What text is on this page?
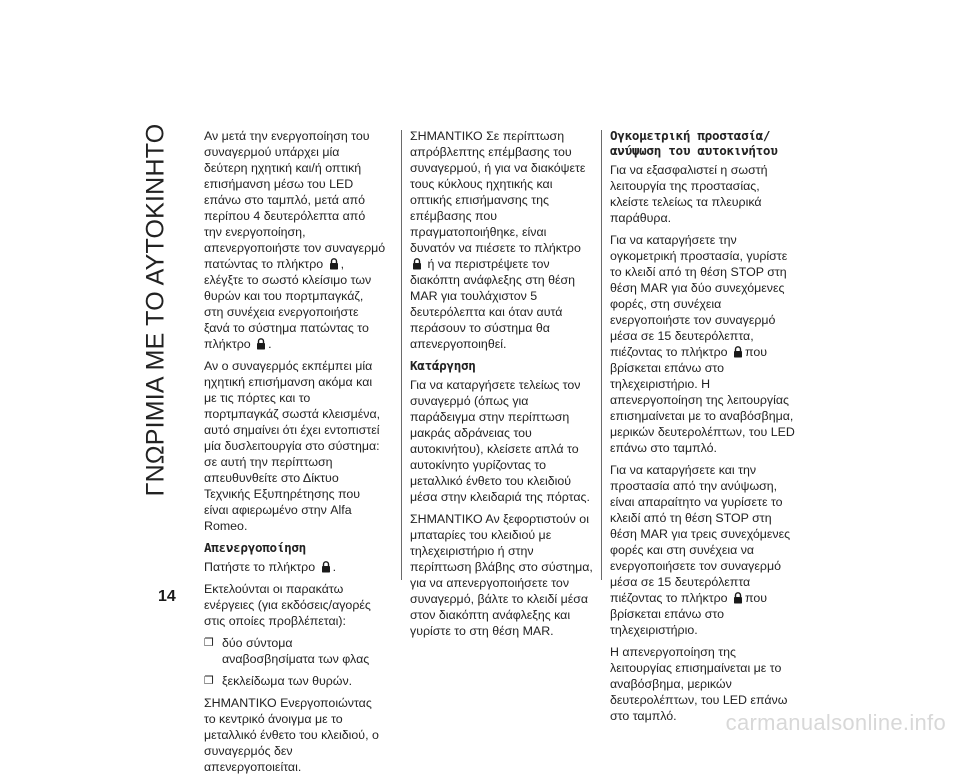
ΓΝΩΡΙΜΙΑ ΜΕ ΤΟ ΑΥΤΟΚΙΝΗΤΟ
14

Αν μετά την ενεργοποίηση του συναγερμού υπάρχει μία δεύτερη ηχητική και/ή οπτική επισήμανση μέσω του LED επάνω στο ταμπλό, μετά από περίπου 4 δευτερόλεπτα από την ενεργοποίηση, απενεργοποιήστε τον συναγερμό πατώντας το πλήκτρο , ελέγξτε το σωστό κλείσιμο των θυρών και του πορτμπαγκάζ, στη συνέχεια ενεργοποιήστε ξανά το σύστημα πατώντας το πλήκτρο .

Αν ο συναγερμός εκπέμπει μία ηχητική επισήμανση ακόμα και με τις πόρτες και το πορτμπαγκάζ σωστά κλεισμένα, αυτό σημαίνει ότι έχει εντοπιστεί μία δυσλειτουργία στο σύστημα: σε αυτή την περίπτωση απευθυνθείτε στο Δίκτυο Τεχνικής Εξυπηρέτησης που είναι αφιερωμένο στην Alfa Romeo.

Απενεργοποίηση

Πατήστε το πλήκτρο .

Εκτελούνται οι παρακάτω ενέργειες (για εκδόσεις/αγορές στις οποίες προβλέπεται):

❐ δύο σύντομα αναβοσβησίματα των φλας
❐ ξεκλείδωμα των θυρών.

ΣΗΜΑΝΤΙΚΟ Ενεργοποιώντας το κεντρικό άνοιγμα με το μεταλλικό ένθετο του κλειδιού, ο συναγερμός δεν απενεργοποιείται.

ΣΗΜΑΝΤΙΚΟ Σε περίπτωση απρόβλεπτης επέμβασης του συναγερμού, ή για να διακόψετε τους κύκλους ηχητικής και οπτικής επισήμανσης της επέμβασης που πραγματοποιήθηκε, είναι δυνατόν να πιέσετε το πλήκτρο  ή να περιστρέψετε τον διακόπτη ανάφλεξης στη θέση MAR για τουλάχιστον 5 δευτερόλεπτα και όταν αυτά περάσουν το σύστημα θα απενεργοποιηθεί.

Κατάργηση

Για να καταργήσετε τελείως τον συναγερμό (όπως για παράδειγμα στην περίπτωση μακράς αδράνειας του αυτοκινήτου), κλείσετε απλά το αυτοκίνητο γυρίζοντας το μεταλλικό ένθετο του κλειδιού μέσα στην κλειδαριά της πόρτας.

ΣΗΜΑΝΤΙΚΟ Αν ξεφορτιστούν οι μπαταρίες του κλειδιού με τηλεχειριστήριο ή στην περίπτωση βλάβης στο σύστημα, για να απενεργοποιήσετε τον συναγερμό, βάλτε το κλειδί μέσα στον διακόπτη ανάφλεξης και γυρίστε το στη θέση MAR.

Ογκομετρική προστασία/ ανύψωση του αυτοκινήτου

Για να εξασφαλιστεί η σωστή λειτουργία της προστασίας, κλείστε τελείως τα πλευρικά παράθυρα.

Για να καταργήσετε την ογκομετρική προστασία, γυρίστε το κλειδί από τη θέση STOP στη θέση MAR για δύο συνεχόμενες φορές, στη συνέχεια ενεργοποιήστε τον συναγερμό μέσα σε 15 δευτερόλεπτα, πιέζοντας το πλήκτρο που βρίσκεται επάνω στο τηλεχειριστήριο. Η απενεργοποίηση της λειτουργίας επισημαίνεται με το αναβόσβημα, μερικών δευτερολέπτων, του LED επάνω στο ταμπλό.

Για να καταργήσετε και την προστασία από την ανύψωση, είναι απαραίτητο να γυρίσετε το κλειδί από τη θέση STOP στη θέση MAR για τρεις συνεχόμενες φορές και στη συνέχεια να ενεργοποιήσετε τον συναγερμό μέσα σε 15 δευτερόλεπτα πιέζοντας το πλήκτρο που βρίσκεται επάνω στο τηλεχειριστήριο.

Η απενεργοποίηση της λειτουργίας επισημαίνεται με το αναβόσβημα, μερικών δευτερολέπτων, του LED επάνω στο ταμπλό.	carmanualsonline.info
